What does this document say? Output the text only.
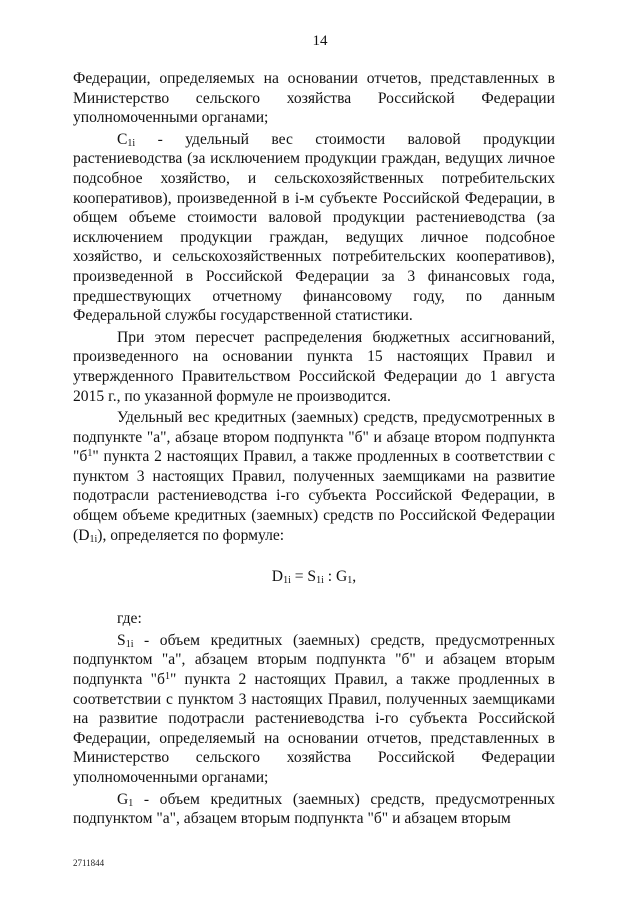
14

Федерации, определяемых на основании отчетов, представленных в Министерство сельского хозяйства Российской Федерации уполномоченными органами;

$C_{1i}$ - удельный вес стоимости валовой продукции растениеводства (за исключением продукции граждан, ведущих личное подсобное хозяйство, и сельскохозяйственных потребительских кооперативов), произведенной в i-м субъекте Российской Федерации, в общем объеме стоимости валовой продукции растениеводства (за исключением продукции граждан, ведущих личное подсобное хозяйство, и сельскохозяйственных потребительских кооперативов), произведенной в Российской Федерации за 3 финансовых года, предшествующих отчетному финансовому году, по данным Федеральной службы государственной статистики.

При этом пересчет распределения бюджетных ассигнований, произведенного на основании пункта 15 настоящих Правил и утвержденного Правительством Российской Федерации до 1 августа 2015 г., по указанной формуле не производится.

Удельный вес кредитных (заемных) средств, предусмотренных в подпункте "а", абзаце втором подпункта "б" и абзаце втором подпункта "$б^1$" пункта 2 настоящих Правил, а также продленных в соответствии с пунктом 3 настоящих Правил, полученных заемщиками на развитие подотрасли растениеводства i-го субъекта Российской Федерации, в общем объеме кредитных (заемных) средств по Российской Федерации $(D_{1i})$, определяется по формуле:

$D_{1i} = S_{1i}$ : $G_1$,

где:

$S_{1i}$ - объем кредитных (заемных) средств, предусмотренных подпунктом "а", абзацем вторым подпункта "б" и абзацем вторым подпункта "$б^1$" пункта 2 настоящих Правил, а также продленных в соответствии с пунктом 3 настоящих Правил, полученных заемщиками на развитие подотрасли растениеводства i-го субъекта Российской Федерации, определяемый на основании отчетов, представленных в Министерство сельского хозяйства Российской Федерации уполномоченными органами;

$G_1$ - объем кредитных (заемных) средств, предусмотренных подпунктом "а", абзацем вторым подпункта "б" и абзацем вторым

2711844
